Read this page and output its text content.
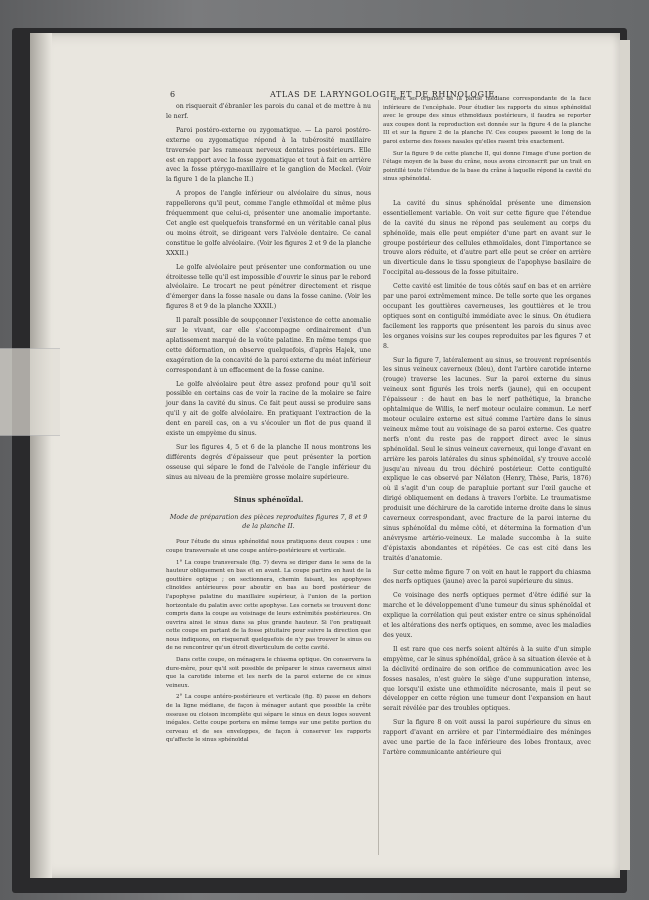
6	ATLAS DE LARYNGOLOGIE ET DE RHINOLOGIE.

on risquerait d'ébranler les parois du canal et de mettre à nu le nerf.

Paroi postéro-externe ou zygomatique. — La paroi postéro-externe ou zygomatique répond à la tubérosité maxillaire traversée par les rameaux nerveux dentaires postérieurs. Elle est en rapport avec la fosse zygomatique et tout à fait en arrière avec la fosse ptérygo-maxillaire et le ganglion de Meckel. (Voir la figure 1 de la planche II.)

A propos de l'angle inférieur ou alvéolaire du sinus, nous rappellerons qu'il peut, comme l'angle ethmoïdal et même plus fréquemment que celui-ci, présenter une anomalie importante. Cet angle est quelquefois transformé en un véritable canal plus ou moins étroit, se dirigeant vers l'alvéole dentaire. Ce canal constitue le golfe alvéolaire. (Voir les figures 2 et 9 de la planche XXXII.)

Le golfe alvéolaire peut présenter une conformation ou une étroitesse telle qu'il est impossible d'ouvrir le sinus par le rebord alvéolaire. Le trocart ne peut pénétrer directement et risque d'émerger dans la fosse nasale ou dans la fosse canine. (Voir les figures 8 et 9 de la planche XXXII.)

Il paraît possible de soupçonner l'existence de cette anomalie sur le vivant, car elle s'accompagne ordinairement d'un aplatissement marqué de la voûte palatine. En même temps que cette déformation, on observe quelquefois, d'après Hajek, une exagération de la concavité de la paroi externe du méat inférieur correspondant à un effacement de la fosse canine.

Le golfe alvéolaire peut être assez profond pour qu'il soit possible en certains cas de voir la racine de la molaire se faire jour dans la cavité du sinus. Ce fait peut aussi se produire sans qu'il y ait de golfe alvéolaire. En pratiquant l'extraction de la dent en pareil cas, on a vu s'écouler un flot de pus quand il existe un empyème du sinus.

Sur les figures 4, 5 et 6 de la planche II nous montrons les différents degrés d'épaisseur que peut présenter la portion osseuse qui sépare le fond de l'alvéole de l'angle inférieur du sinus au niveau de la première grosse molaire supérieure.

Sinus sphénoïdal.
Mode de préparation des pièces reproduites figures 7, 8 et 9 de la planche II.

Pour l'étude du sinus sphénoïdal nous pratiquons deux coupes : une coupe transversale et une coupe antéro-postérieure et verticale.

1° La coupe transversale (fig. 7) devra se diriger dans le sens de la hauteur obliquement en bas et en avant. La coupe partira en haut de la gouttière optique ; on sectionnera, chemin faisant, les apophyses clinoïdes antérieures pour aboutir en bas au bord postérieur de l'apophyse palatine du maxillaire supérieur, à l'union de la portion horizontale du palatin avec cette apophyse. Les cornets se trouvent donc compris dans la coupe au voisinage de leurs extrémités postérieures. On ouvrira ainsi le sinus dans sa plus grande hauteur. Si l'on pratiquait cette coupe en partant de la fosse pituitaire pour suivre la direction que nous indiquons, on risquerait quelquefois de n'y pas trouver le sinus ou de ne rencontrer qu'un étroit diverticulum de cette cavité.

Dans cette coupe, on ménagera le chiasma optique. On conservera la dure-mère, pour qu'il soit possible de préparer le sinus caverneux ainsi que la carotide interne et les nerfs de la paroi externe de ce sinus veineux.

2° La coupe antéro-postérieure et verticale (fig. 8) passe en dehors de la ligne médiane, de façon à ménager autant que possible la crête osseuse ou cloison incomplète qui sépare le sinus en deux loges souvent inégales. Cette coupe portera en même temps sur une petite portion du cerveau et de ses enveloppes, de façon à conserver les rapports qu'affecte le sinus sphénoïdal

avec les organes de la partie médiane correspondante de la face inférieure de l'encéphale. Pour étudier les rapports du sinus sphénoïdal avec le groupe des sinus ethmoïdaux postérieurs, il faudra se reporter aux coupes dont la reproduction est donnée sur la figure 4 de la planche III et sur la figure 2 de la planche IV. Ces coupes passent le long de la paroi externe des fosses nasales qu'elles rasent très exactement.

Sur la figure 9 de cette planche II, qui donne l'image d'une portion de l'étage moyen de la base du crâne, nous avons circonscrit par un trait en pointillé toute l'étendue de la base du crâne à laquelle répond la cavité du sinus sphénoïdal.

La cavité du sinus sphénoïdal présente une dimension essentiellement variable. On voit sur cette figure que l'étendue de la cavité du sinus ne répond pas seulement au corps du sphénoïde, mais elle peut empiéter d'une part en avant sur le groupe postérieur des cellules ethmoïdales, dont l'importance se trouve alors réduite, et d'autre part elle peut se créer en arrière un diverticule dans le tissu spongieux de l'apophyse basilaire de l'occipital au-dessous de la fosse pituitaire.

Cette cavité est limitée de tous côtés sauf en bas et en arrière par une paroi extrêmement mince. De telle sorte que les organes occupant les gouttières caverneuses, les gouttières et le trou optiques sont en contiguïté immédiate avec le sinus. On étudiera facilement les rapports que présentent les parois du sinus avec les organes voisins sur les coupes reproduites par les figures 7 et 8.

Sur la figure 7, latéralement au sinus, se trouvent représentés les sinus veineux caverneux (bleu), dont l'artère carotide interne (rouge) traverse les lacunes. Sur la paroi externe du sinus veineux sont figurés les trois nerfs (jaune), qui en occupent l'épaisseur : de haut en bas le nerf pathétique, la branche ophtalmique de Willis, le nerf moteur oculaire commun. Le nerf moteur oculaire externe est situé comme l'artère dans le sinus veineux même tout au voisinage de sa paroi externe. Ces quatre nerfs n'ont du reste pas de rapport direct avec le sinus sphénoïdal. Seul le sinus veineux caverneux, qui longe d'avant en arrière les parois latérales du sinus sphénoïdal, s'y trouve accolé jusqu'au niveau du trou déchiré postérieur. Cette contiguïté explique le cas observé par Nélaton (Henry, Thèse, Paris, 1876) où il s'agit d'un coup de parapluie portant sur l'œil gauche et dirigé obliquement en dedans à travers l'orbite. Le traumatisme produisit une déchirure de la carotide interne droite dans le sinus caverneux correspondant, avec fracture de la paroi interne du sinus sphénoïdal du même côté, et détermina la formation d'un anévrysme artério-veineux. Le malade succomba à la suite d'épistaxis abondantes et répétées. Ce cas est cité dans les traités d'anatomie.

Sur cette même figure 7 on voit en haut le rapport du chiasma des nerfs optiques (jaune) avec la paroi supérieure du sinus.

Ce voisinage des nerfs optiques permet d'être édifié sur la marche et le développement d'une tumeur du sinus sphénoïdal et explique la corrélation qui peut exister entre ce sinus sphénoïdal et les altérations des nerfs optiques, en somme, avec les maladies des yeux.

Il est rare que ces nerfs soient altérés à la suite d'un simple empyème, car le sinus sphénoïdal, grâce à sa situation élevée et à la déclivité ordinaire de son orifice de communication avec les fosses nasales, n'est guère le siège d'une suppuration intense, que lorsqu'il existe une ethmoïdite nécrosante, mais il peut se développer en cette région une tumeur dont l'expansion en haut serait révélée par des troubles optiques.

Sur la figure 8 on voit aussi la paroi supérieure du sinus en rapport d'avant en arrière et par l'intermédiaire des méninges avec une partie de la face inférieure des lobes frontaux, avec l'artère communicante antérieure qui
